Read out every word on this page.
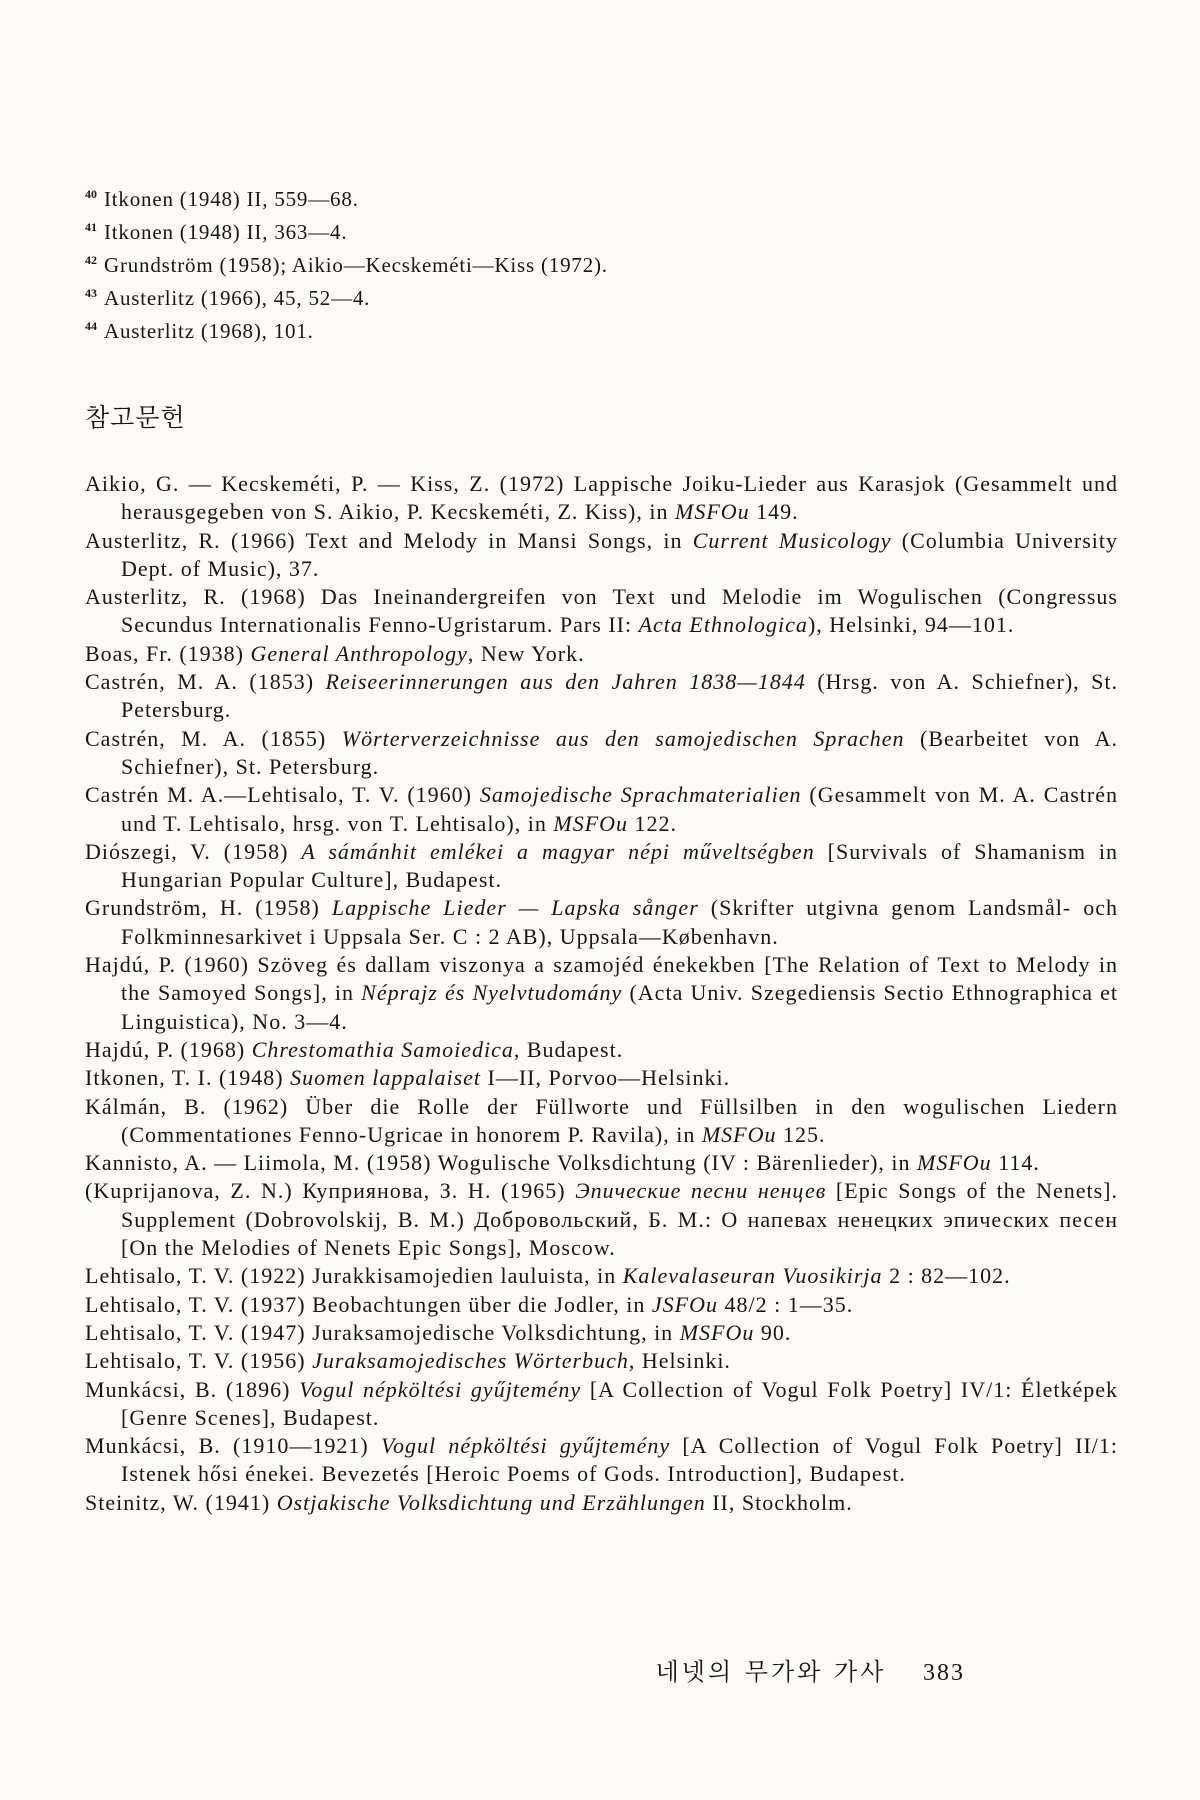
$^{40}$ Itkonen (1948) II, 559—68.

$^{41}$ Itkonen (1948) II, 363—4.

$^{42}$ Grundström (1958); Aikio—Kecskeméti—Kiss (1972).

$^{43}$ Austerlitz (1966), 45, 52—4.

$^{44}$ Austerlitz (1968), 101.

참고문헌

Aikio, G. — Kecskeméti, P. — Kiss, Z. (1972) Lappische Joiku-Lieder aus Karasjok (Gesammelt und herausgegeben von S. Aikio, P. Kecskeméti, Z. Kiss), in MSFOu 149.

Austerlitz, R. (1966) Text and Melody in Mansi Songs, in Current Musicology (Columbia University Dept. of Music), 37.

Austerlitz, R. (1968) Das Ineinandergreifen von Text und Melodie im Wogulischen (Congressus Secundus Internationalis Fenno-Ugristarum. Pars II: Acta Ethnologica), Helsinki, 94—101.

Boas, Fr. (1938) General Anthropology, New York.

Castrén, M. A. (1853) Reiseerinnerungen aus den Jahren 1838—1844 (Hrsg. von A. Schiefner), St. Petersburg.

Castrén, M. A. (1855) Wörterverzeichnisse aus den samojedischen Sprachen (Bearbeitet von A. Schiefner), St. Petersburg.

Castrén M. A.—Lehtisalo, T. V. (1960) Samojedische Sprachmaterialien (Gesammelt von M. A. Castrén und T. Lehtisalo, hrsg. von T. Lehtisalo), in MSFOu 122.

Diószegi, V. (1958) A sámánhit emlékei a magyar népi műveltségben [Survivals of Shamanism in Hungarian Popular Culture], Budapest.

Grundström, H. (1958) Lappische Lieder — Lapska sånger (Skrifter utgivna genom Landsmål- och Folkminnesarkivet i Uppsala Ser. C : 2 AB), Uppsala—København.

Hajdú, P. (1960) Szöveg és dallam viszonya a szamojéd énekekben [The Relation of Text to Melody in the Samoyed Songs], in Néprajz és Nyelvtudomány (Acta Univ. Szegediensis Sectio Ethnographica et Linguistica), No. 3—4.

Hajdú, P. (1968) Chrestomathia Samoiedica, Budapest.

Itkonen, T. I. (1948) Suomen lappalaiset I—II, Porvoo—Helsinki.

Kálmán, B. (1962) Über die Rolle der Füllworte und Füllsilben in den wogulischen Liedern (Commentationes Fenno-Ugricae in honorem P. Ravila), in MSFOu 125.

Kannisto, A. — Liimola, M. (1958) Wogulische Volksdichtung (IV : Bärenlieder), in MSFOu 114.

(Kuprijanova, Z. N.) Куприянова, З. Н. (1965) Эпические песни ненцев [Epic Songs of the Nenets]. Supplement (Dobrovolskij, B. M.) Добровольский, Б. М.: О напевах ненецких эпических песен [On the Melodies of Nenets Epic Songs], Moscow.

Lehtisalo, T. V. (1922) Jurakkisamojedien lauluista, in Kalevalaseuran Vuosikirja 2 : 82—102.

Lehtisalo, T. V. (1937) Beobachtungen über die Jodler, in JSFOu 48/2 : 1—35.

Lehtisalo, T. V. (1947) Juraksamojedische Volksdichtung, in MSFOu 90.

Lehtisalo, T. V. (1956) Juraksamojedisches Wörterbuch, Helsinki.

Munkácsi, B. (1896) Vogul népköltési gyűjtemény [A Collection of Vogul Folk Poetry] IV/1: Életképek [Genre Scenes], Budapest.

Munkácsi, B. (1910—1921) Vogul népköltési gyűjtemény [A Collection of Vogul Folk Poetry] II/1: Istenek hősi énekei. Bevezetés [Heroic Poems of Gods. Introduction], Budapest.

Steinitz, W. (1941) Ostjakische Volksdichtung und Erzählungen II, Stockholm.

네넷의 무가와 가사 383
